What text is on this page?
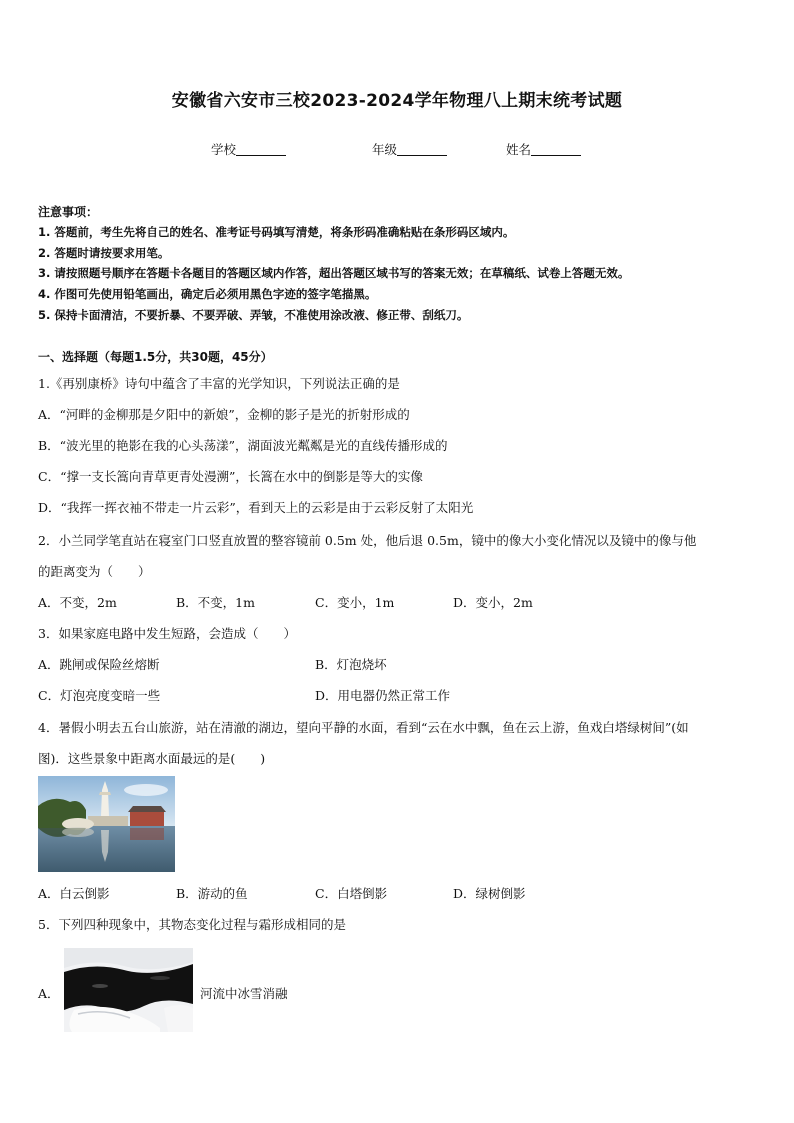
安徽省六安市三校2023-2024学年物理八上期末统考试题
学校	年级	姓名
注意事项：
1. 答题前，考生先将自己的姓名、准考证号码填写清楚，将条形码准确粘贴在条形码区域内。
2. 答题时请按要求用笔。
3. 请按照题号顺序在答题卡各题目的答题区域内作答，超出答题区域书写的答案无效；在草稿纸、试卷上答题无效。
4. 作图可先使用铅笔画出，确定后必须用黑色字迹的签字笔描黑。
5. 保持卡面清洁，不要折暴、不要弄破、弄皱，不准使用涂改液、修正带、刮纸刀。
一、选择题（每题1.5分，共30题，45分）
1.《再别康桥》诗句中蕴含了丰富的光学知识，下列说法正确的是
A．“河畔的金柳那是夕阳中的新娘”，金柳的影子是光的折射形成的
B．“波光里的艳影在我的心头荡漾”，湖面波光粼粼是光的直线传播形成的
C．“撑一支长篙向青草更青处漫溯”，长篙在水中的倒影是等大的实像
D．“我挥一挥衣袖不带走一片云彩”，看到天上的云彩是由于云彩反射了太阳光
2．小兰同学笔直站在寝室门口竖直放置的整容镜前 0.5m 处，他后退 0.5m，镜中的像大小变化情况以及镜中的像与他
的距离变为（　　）
A．不变，2m	B．不变，1m	C．变小，1m	D．变小，2m
3．如果家庭电路中发生短路，会造成（　　）
A．跳闸或保险丝熔断	B．灯泡烧坏
C．灯泡亮度变暗一些	D．用电器仍然正常工作
4．暑假小明去五台山旅游，站在清澈的湖边，望向平静的水面，看到“云在水中飘，鱼在云上游，鱼戏白塔绿树间”(如
图)．这些景象中距离水面最远的是(　　)
A．白云倒影	B．游动的鱼	C．白塔倒影	D．绿树倒影
5．下列四种现象中，其物态变化过程与霜形成相同的是
A．	河流中冰雪消融
